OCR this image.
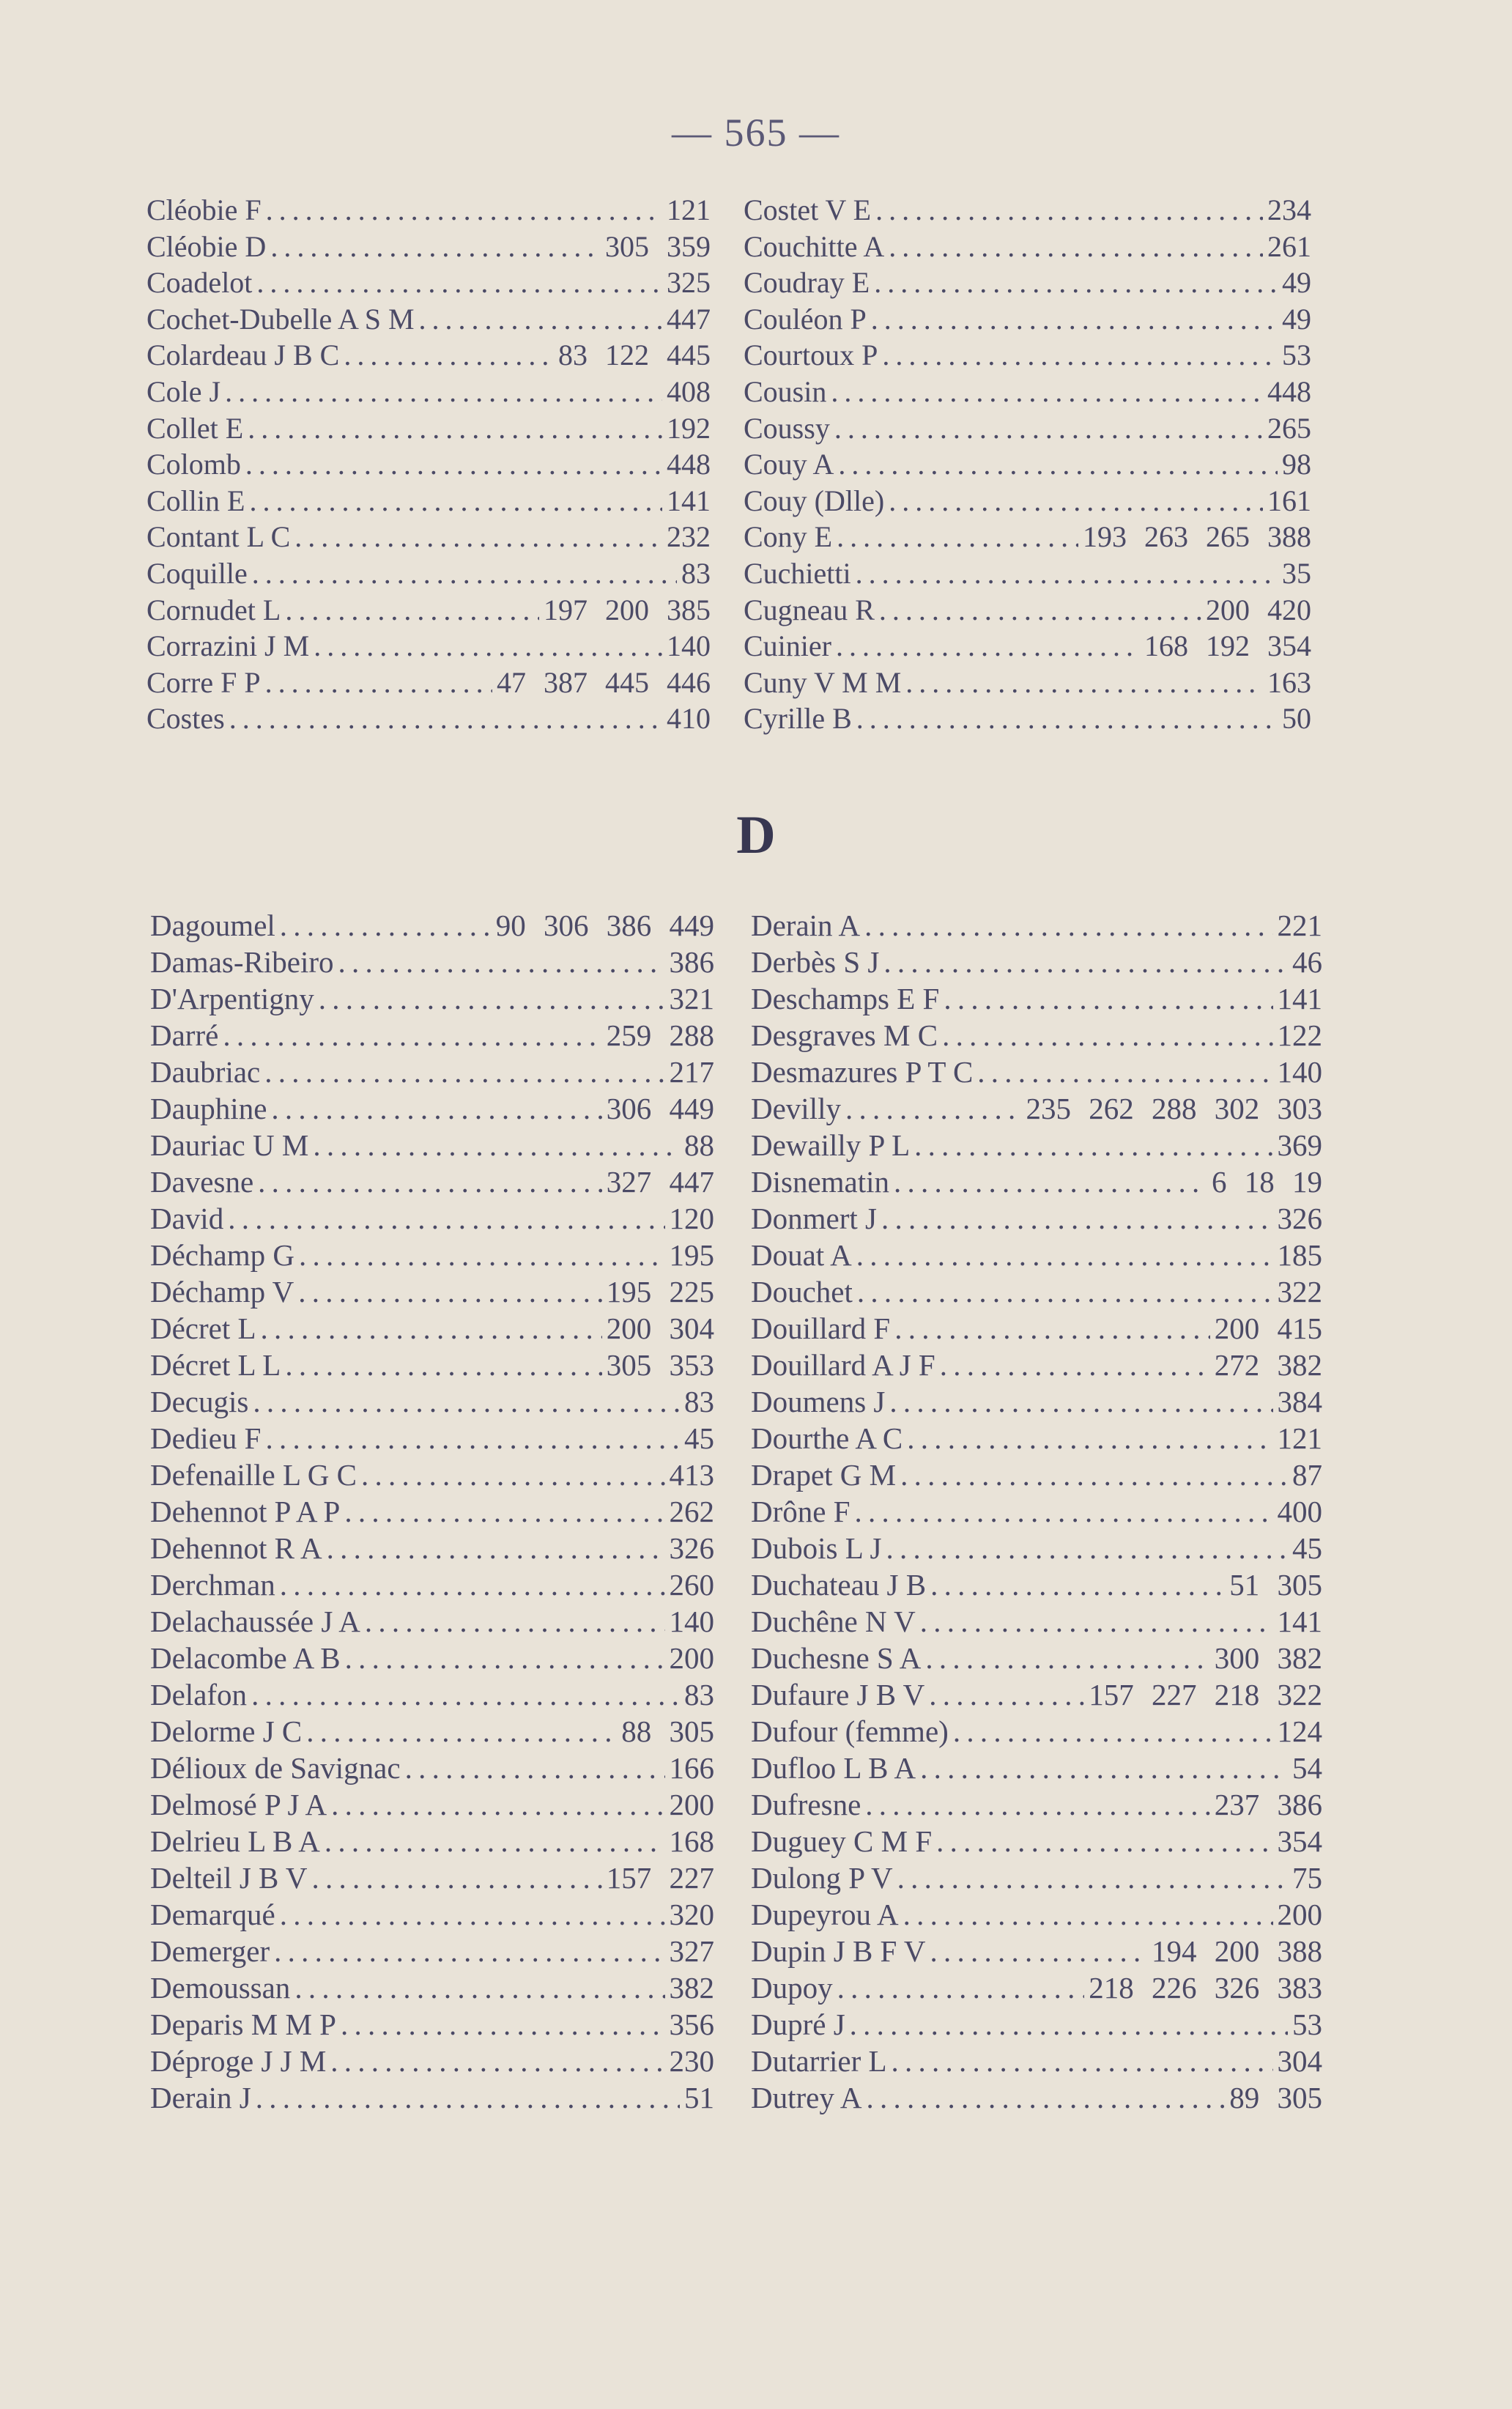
— 565 —
Cléobie F . . .	121
Cléobie D . . .	305 359
Coadelot . . .	325
Cochet-Dubelle A S M . . .	447
Colardeau J B C . . .	83 122 445
Cole J . . .	408
Collet E . . .	192
Colomb . . .	448
Collin E . . .	141
Contant L C . . .	232
Coquille . . .	83
Cornudet L . . .	197 200 385
Corrazini J M . . .	140
Corre F P . . .	47 387 445 446
Costes . . .	410
Costet V E . . .	234
Couchitte A . . .	261
Coudray E . . .	49
Couléon P . . .	49
Courtoux P . . .	53
Cousin . . .	448
Coussy . . .	265
Couy A . . .	98
Couy (Dlle) . . .	161
Cony E . . .	193 263 265 388
Cuchietti . . .	35
Cugneau R . . .	200 420
Cuinier . . .	168 192 354
Cuny V M M . . .	163
Cyrille B . . .	50
D
Dagoumel . . .	90 306 386 449
Damas-Ribeiro . . .	386
D'Arpentigny . . .	321
Darré . . .	259 288
Daubriac . . .	217
Dauphine . . .	306 449
Dauriac U M . . .	88
Davesne . . .	327 447
David . . .	120
Déchamp G . . .	195
Déchamp V . . .	195 225
Décret L . . .	200 304
Décret L L . . .	305 353
Decugis . . .	83
Dedieu F . . .	45
Defenaille L G C . . .	413
Dehennot P A P . . .	262
Dehennot R A . . .	326
Derchman . . .	260
Delachaussée J A . . .	140
Delacombe A B . . .	200
Delafon . . .	83
Delorme J C . . .	88 305
Délioux de Savignac . . .	166
Delmosé P J A . . .	200
Delrieu L B A . . .	168
Delteil J B V . . .	157 227
Demarqué . . .	320
Demerger . . .	327
Demoussan . . .	382
Deparis M M P . . .	356
Déproge J J M . . .	230
Derain J . . .	51
Derain A . . .	221
Derbès S J . . .	46
Deschamps E F . . .	141
Desgraves M C . . .	122
Desmazures P T C . . .	140
Devilly . . .	235 262 288 302 303
Dewailly P L . . .	369
Disnematin . . .	6 18 19
Donmert J . . .	326
Douat A . . .	185
Douchet . . .	322
Douillard F . . .	200 415
Douillard A J F . . .	272 382
Doumens J . . .	384
Dourthe A C . . .	121
Drapet G M . . .	87
Drône F . . .	400
Dubois L J . . .	45
Duchateau J B . . .	51 305
Duchêne N V . . .	141
Duchesne S A . . .	300 382
Dufaure J B V . . .	157 227 218 322
Dufour (femme) . . .	124
Dufloo L B A . . .	54
Dufresne . . .	237 386
Duguey C M F . . .	354
Dulong P V . . .	75
Dupeyrou A . . .	200
Dupin J B F V . . .	194 200 388
Dupoy . . .	218 226 326 383
Dupré J . . .	53
Dutarrier L . . .	304
Dutrey A . . .	89 305
